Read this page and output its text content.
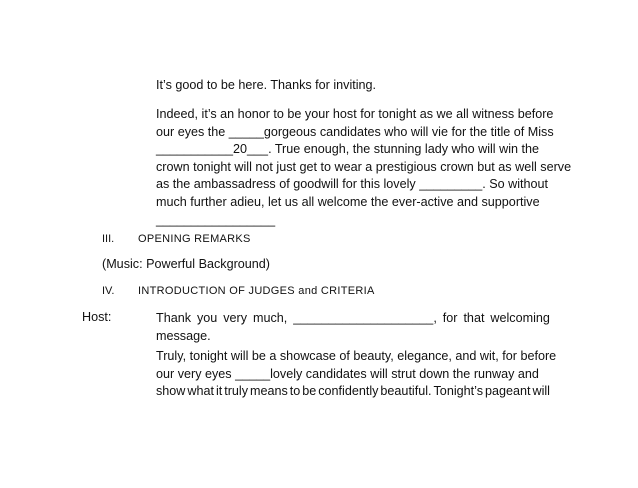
It’s good to be here. Thanks for inviting.

Indeed, it’s an honor to be your host for tonight as we all witness before
our eyes the _____gorgeous candidates who will vie for the title of Miss
___________20___. True enough, the stunning lady who will win the
crown tonight will not just get to wear a prestigious crown but as well serve
as the ambassadress of goodwill for this lovely _________. So without
much further adieu, let us all welcome the ever-active and supportive
_________________

III. OPENING REMARKS

(Music: Powerful Background)

IV. INTRODUCTION OF JUDGES and CRITERIA

Host:	Thank you very much, ____________________, for that welcoming
message.

Truly, tonight will be a showcase of beauty, elegance, and wit, for before
our very eyes _____lovely candidates will strut down the runway and
show what it truly means to be confidently beautiful. Tonight’s pageant will
